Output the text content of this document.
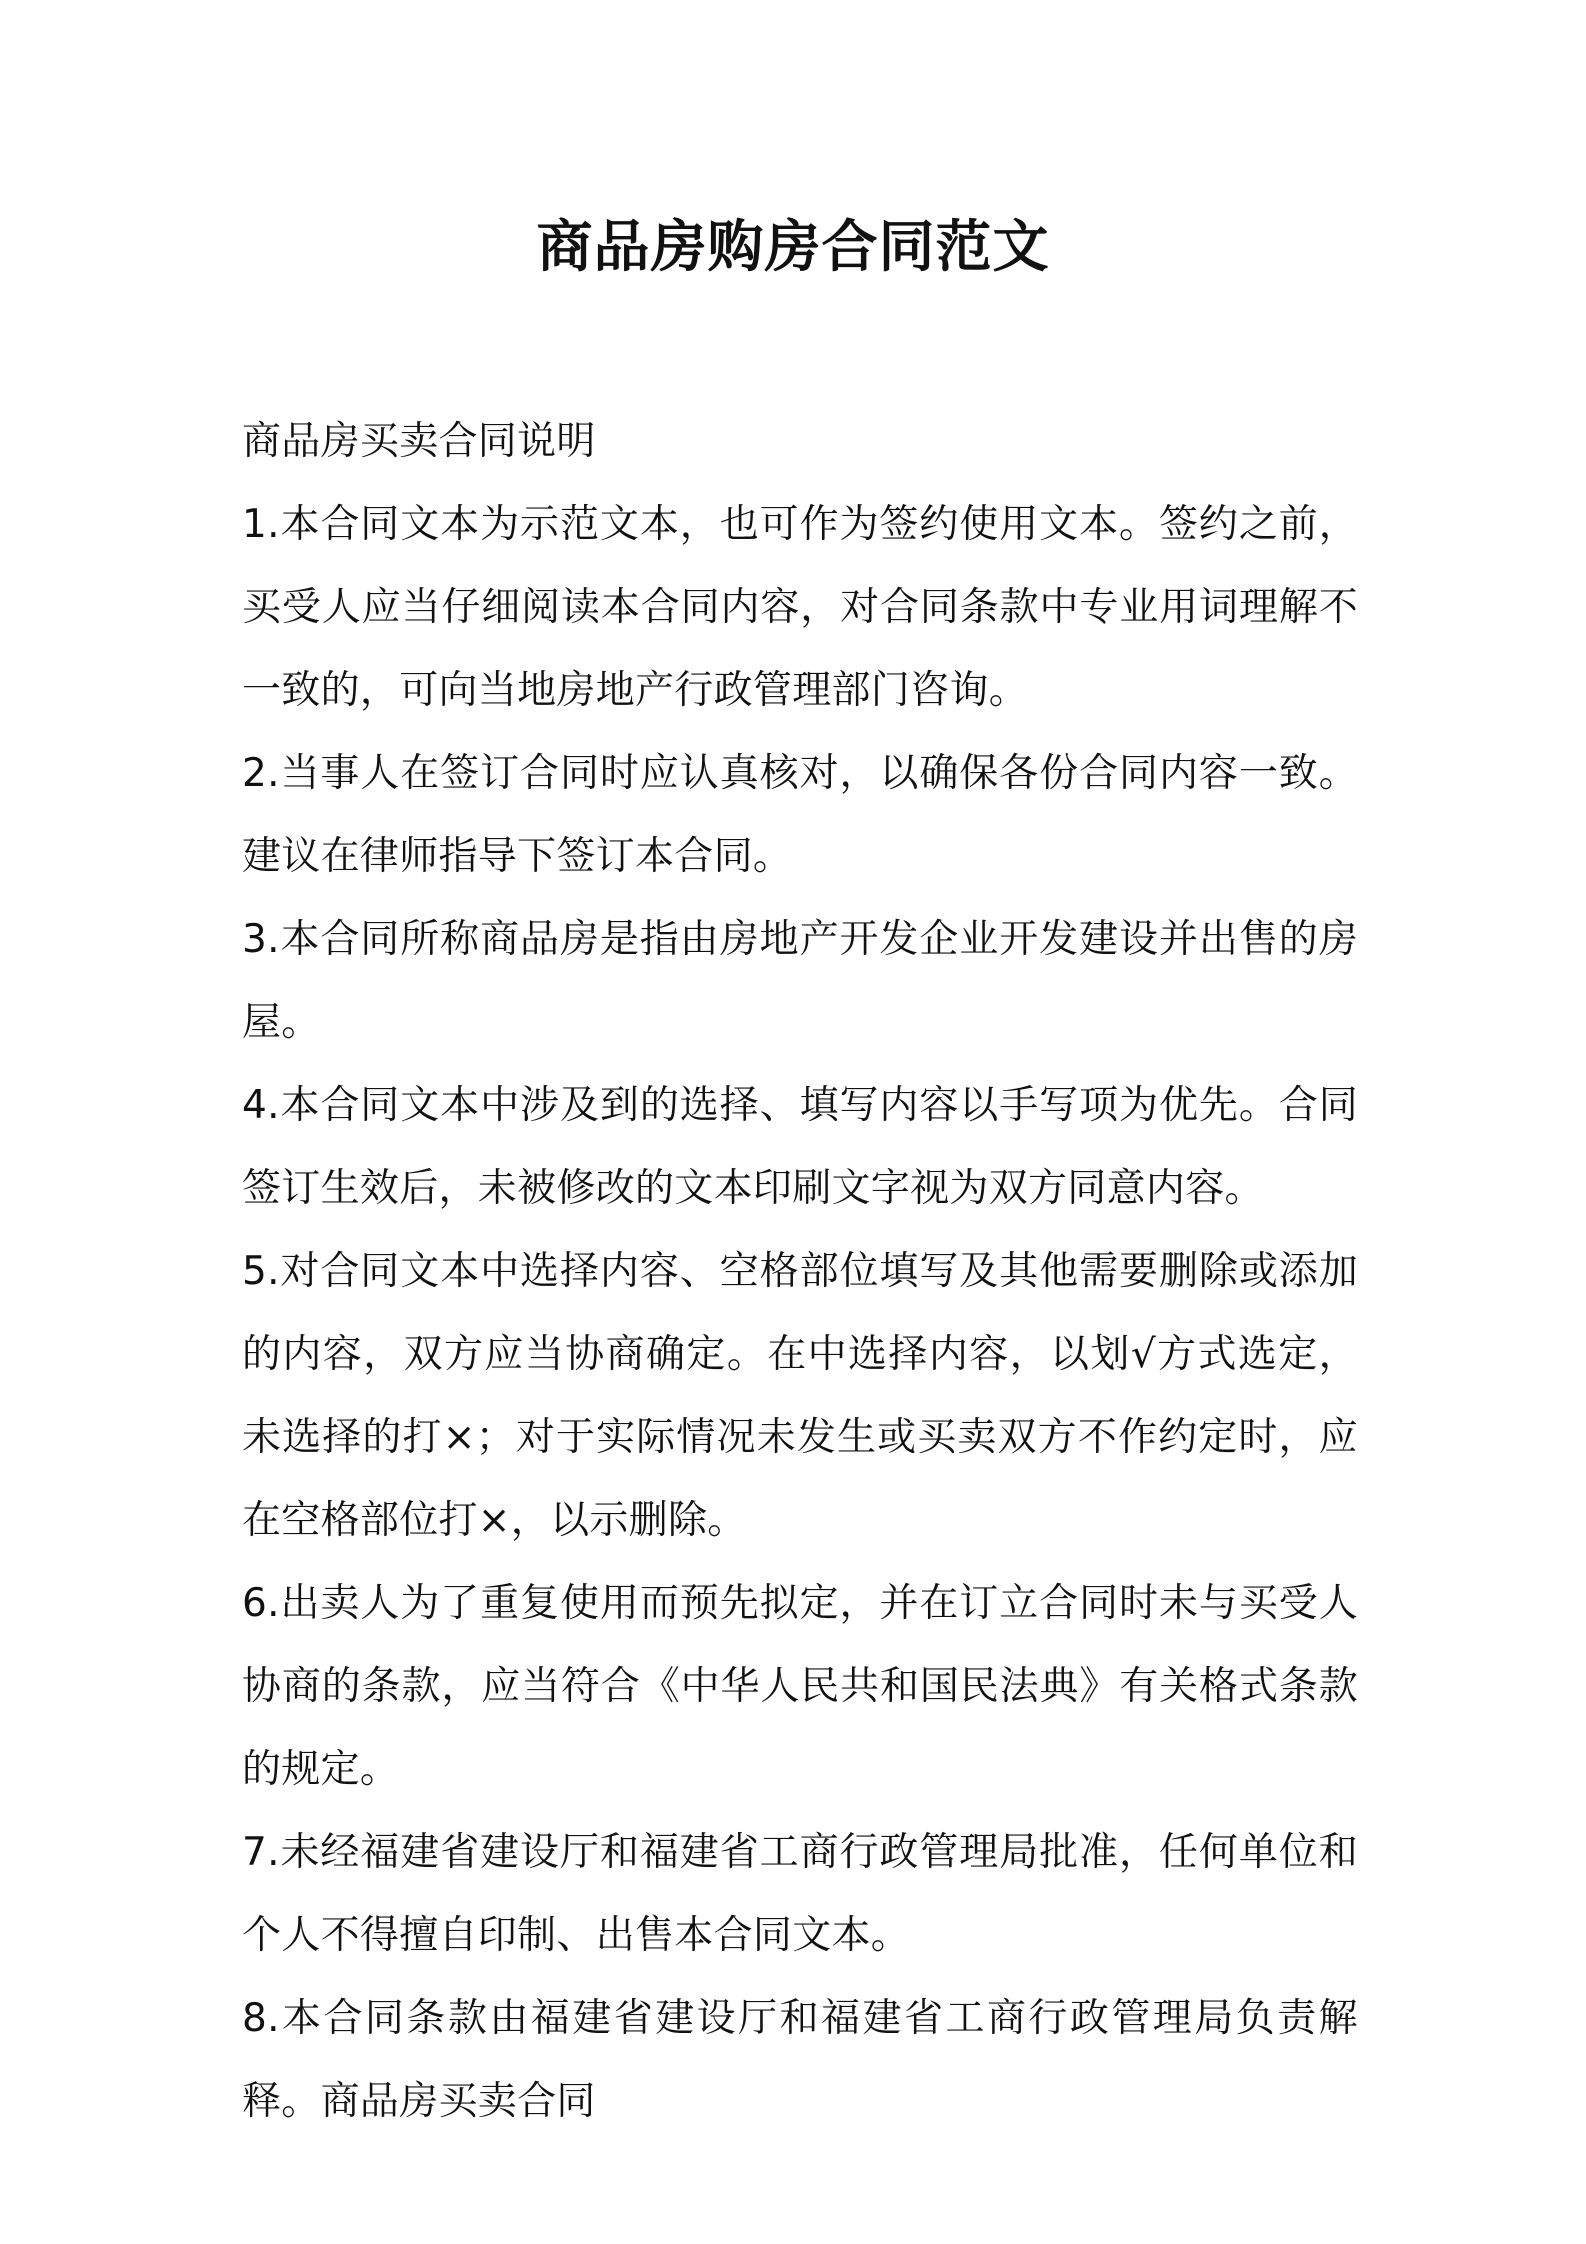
商品房购房合同范文

商品房买卖合同说明

1.本合同文本为示范文本，也可作为签约使用文本。签约之前，买受人应当仔细阅读本合同内容，对合同条款中专业用词理解不一致的，可向当地房地产行政管理部门咨询。

2.当事人在签订合同时应认真核对，以确保各份合同内容一致。建议在律师指导下签订本合同。

3.本合同所称商品房是指由房地产开发企业开发建设并出售的房屋。

4.本合同文本中涉及到的选择、填写内容以手写项为优先。合同签订生效后，未被修改的文本印刷文字视为双方同意内容。

5.对合同文本中选择内容、空格部位填写及其他需要删除或添加的内容，双方应当协商确定。在中选择内容，以划√方式选定，未选择的打×；对于实际情况未发生或买卖双方不作约定时，应在空格部位打×，以示删除。

6.出卖人为了重复使用而预先拟定，并在订立合同时未与买受人协商的条款，应当符合《中华人民共和国民法典》有关格式条款的规定。

7.未经福建省建设厅和福建省工商行政管理局批准，任何单位和个人不得擅自印制、出售本合同文本。

8.本合同条款由福建省建设厅和福建省工商行政管理局负责解释。商品房买卖合同
